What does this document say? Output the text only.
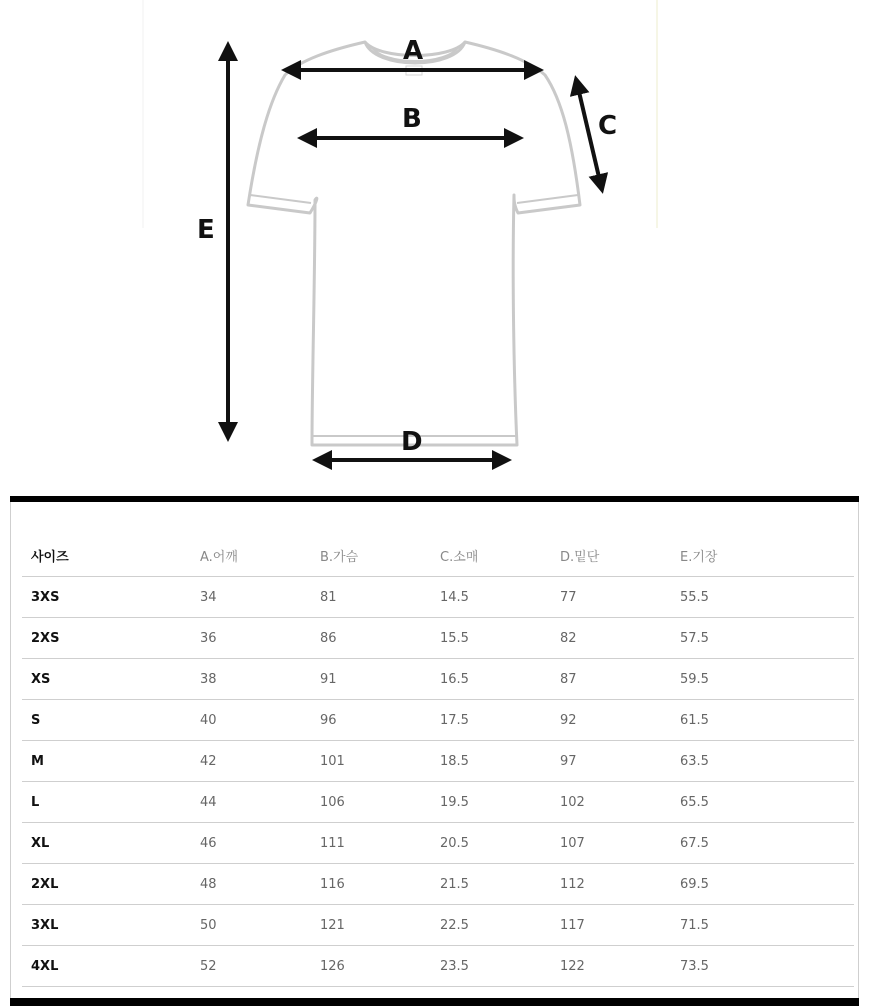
A
B	C
D
E
사이즈	A.어깨	B.가슴	C.소매	D.밑단	E.기장
3XS	34	81	14.5	77	55.5
2XS	36	86	15.5	82	57.5
XS	38	91	16.5	87	59.5
S	40	96	17.5	92	61.5
M	42	101	18.5	97	63.5
L	44	106	19.5	102	65.5
XL	46	111	20.5	107	67.5
2XL	48	116	21.5	112	69.5
3XL	50	121	22.5	117	71.5
4XL	52	126	23.5	122	73.5
